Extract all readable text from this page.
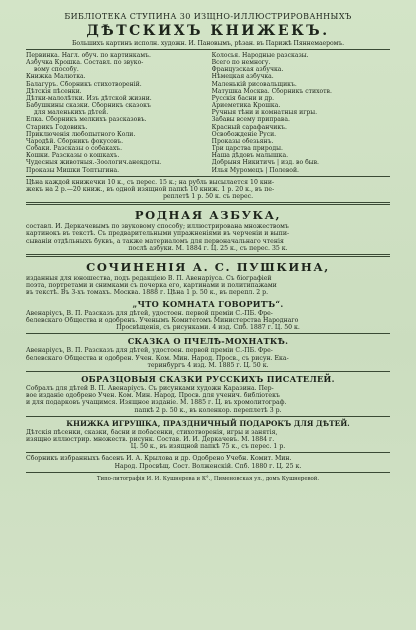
БИБЛІОТЕКА СТУПИНА 30 ИЗЩНО-ИЛЛЮСТРИРОВАННЫХЪ
ДѢТСКИХЪ КНИЖЕКЪ.
Большихъ картинъ исполн. художн. И. Пановымъ, рѣзан. въ Парижѣ Пяннемаеромъ.
Первинка. Нагл. обуч. по картинкамъ.
Азбучка Крошка. Составл. по звуко-
вому способу.
Книжка Малютка.
Балагуръ. Сборникъ стихотвореній.
Дѣтскія пѣсенки.
Дѣтки-малолѣтки. Изъ дѣтской жизни.
Бабушкины сказки. Сборникъ сказокъ
для маленькихъ дѣтей.
Елка. Сборникъ мелкихъ разсказовъ.
Старикъ Годовикъ.
Приключенія любопытного Коли.
Чародѣй. Сборникъ фокусовъ.
Собаки. Разсказы о собакахъ.
Кошки. Разсказы о кошкахъ.
Чудесныя животныя.-Зоологич.анекдоты.
Проказы Мишки Топтыгина.
Колосья. Народные разсказы.
Всего по немногу.
Французская азбучка.
Нѣмецкая азбучка.
Маленькій рисовальщикъ.
Матушка Москва. Сборникъ стихотв.
Русскія басни и др.
Ариеметика Крошка.
Ручныя тѣни и комнатныя игры.
Забавы всему приправа.
Красный сарафанчикъ.
Освобожденіе Руси.
Проказы обезьянъ.
Три царства природы.
Наша дѣдовъ малышка.
Добрыня Никитичъ | изд. во быв.
Илья Муромецъ | Полевой.
Цѣна каждой книжечки 10 к., съ перес. 15 к.; на рубль высылается 10 кни-
жекъ на 2 р.—20 книж., въ одной изящной папкѣ 10 книж. 1 р. 20 к., въ пе-
реплетѣ 1 р. 50 к. съ перес.
РОДНАЯ АЗБУКА,
составл. И. Деркачевымъ по звуковому способу; иллюстрирована множествомъ
картинокъ въ текстѣ. Съ предварительными упражненіями въ черченіи и выпи-
сываніи отдѣльныхъ буквъ, а также материаломъ для первоначальнаго чтенія
послѣ азбуки. М. 1884 г. Ц. 25 к., съ перес. 35 к.
СОЧИНЕНІЯ А. С. ПУШКИНА,
изданныя для юношества, подъ редакціею В. П. Авенаріуса. Съ біографіей
поэта, портретами и снимками съ почерка его, картинами и политипажами
въ текстѣ. Въ 3-хъ томахъ. Москва. 1888 г. Цѣна 1 р. 50 к., въ перепл. 2 р.
„ЧТО КОМНАТА ГОВОРИТЪ“.
Авенаріусъ, В. П. Разсказъ для дѣтей, удостоен. первой преміи С.-ПБ. Фре-
белевскаго Общества и одобренъ. Ученымъ Комитетомъ Министерства Народнаго
Просвѣщенія, съ рисунками. 4 изд. Спб. 1887 г. Ц. 50 к.
СКАЗКА О ПЧЕЛѢ-МОХНАТКѢ.
Авенаріусъ, В. П. Разсказъ для дѣтей, удостоен. первой преміи С.-ПБ. Фре-
белевскаго Общества и одобрен. Учен. Ком. Мин. Народ. Просв., съ рисун. Ека-
теринбургъ 4 изд. М. 1885 г. Ц. 50 к.
ОБРАЗЦОВЫЯ СКАЗКИ РУССКИХЪ ПИСАТЕЛЕЙ.
Собралъ для дѣтей В. П. Авенаріусъ. Съ рисунками художн Каразина. Пер-
вое изданіе одобрено Учен. Ком. Мин. Народ. Просв. для ученич. библіотекъ
и для подарковъ учащимся. Изящное изданіе. М. 1885 г. Ц. въ хромолитограф.
папкѣ 2 р. 50 к., въ коленкор. переплетѣ 3 р.
КНИЖКА ИГРУШКА, ПРАЗДНИЧНЫЙ ПОДАРОКЪ ДЛЯ ДѢТЕЙ.
Дѣтскія пѣсенки, сказки, басни и побасенки, стихотворенія, игры и занятія,
изящно иллюстрир. множеств. рисунк. Состав. И. И. Деркачевъ. М. 1884 г.
Ц. 50 к., въ изящной папкѣ 75 к., съ перес. 1 р.
Сборникъ избранныхъ басенъ И. А. Крылова и др. Одобрено Учебн. Комит. Мин.
Народ. Просвѣщ. Сост. Волженскій. Спб. 1880 г. Ц. 25 к.
Типо-литографія И. И. Кушнерева и К°., Пименовская ул., домъ Кушнеревой.
